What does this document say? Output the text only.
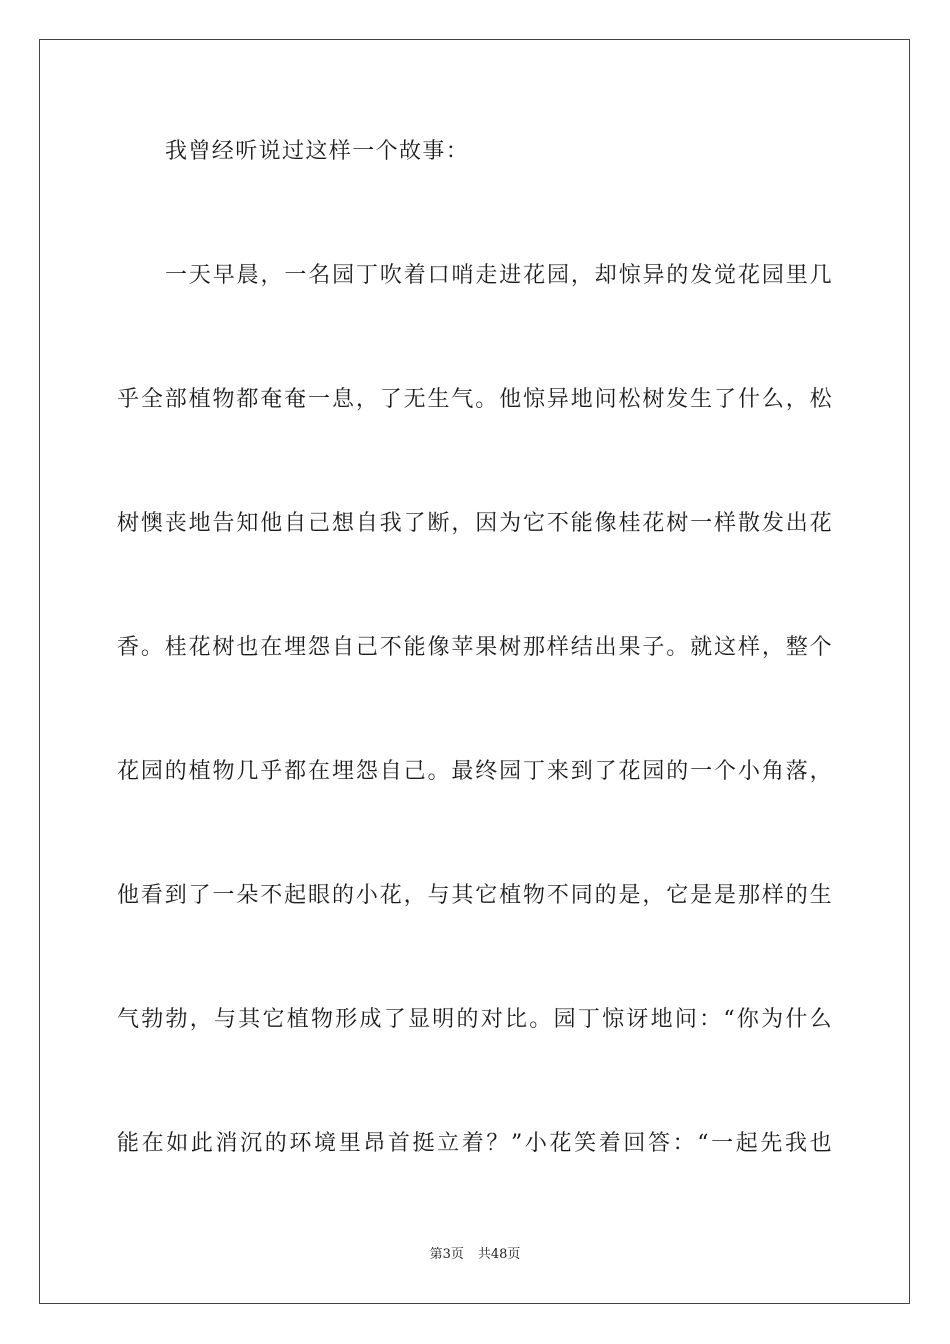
我曾经听说过这样一个故事：
一天早晨，一名园丁吹着口哨走进花园，却惊异的发觉花园里几
乎全部植物都奄奄一息，了无生气。他惊异地问松树发生了什么，松
树懊丧地告知他自己想自我了断，因为它不能像桂花树一样散发出花
香。桂花树也在埋怨自己不能像苹果树那样结出果子。就这样，整个
花园的植物几乎都在埋怨自己。最终园丁来到了花园的一个小角落，
他看到了一朵不起眼的小花，与其它植物不同的是，它是是那样的生
气勃勃，与其它植物形成了显明的对比。园丁惊讶地问：“你为什么
能在如此消沉的环境里昂首挺立着？”小花笑着回答：“一起先我也
第3页 共48页
